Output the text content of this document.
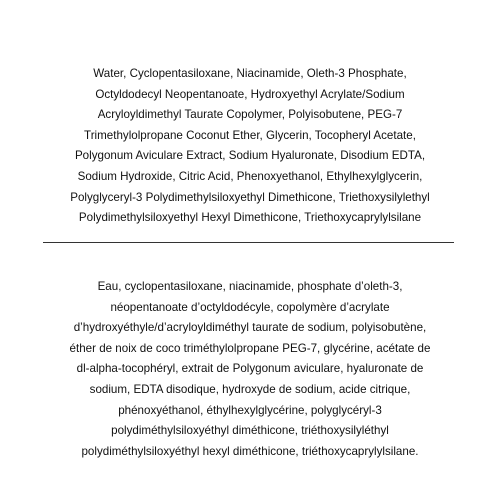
Water, Cyclopentasiloxane, Niacinamide, Oleth-3 Phosphate,
Octyldodecyl Neopentanoate, Hydroxyethyl Acrylate/Sodium
Acryloyldimethyl Taurate Copolymer, Polyisobutene, PEG-7
Trimethylolpropane Coconut Ether, Glycerin, Tocopheryl Acetate,
Polygonum Aviculare Extract, Sodium Hyaluronate, Disodium EDTA,
Sodium Hydroxide, Citric Acid, Phenoxyethanol, Ethylhexylglycerin,
Polyglyceryl-3 Polydimethylsiloxyethyl Dimethicone, Triethoxysilylethyl
Polydimethylsiloxyethyl Hexyl Dimethicone, Triethoxycaprylylsilane
Eau, cyclopentasiloxane, niacinamide, phosphate d’oleth-3,
néopentanoate d’octyldodécyle, copolymère d’acrylate
d’hydroxyéthyle/d’acryloyldiméthyl taurate de sodium, polyisobutène,
éther de noix de coco triméthylolpropane PEG-7, glycérine, acétate de
dl-alpha-tocophéryl, extrait de Polygonum aviculare, hyaluronate de
sodium, EDTA disodique, hydroxyde de sodium, acide citrique,
phénoxyéthanol, éthylhexylglycérine, polyglycéryl-3
polydiméthylsiloxyéthyl diméthicone, triéthoxysilyléthyl
polydiméthylsiloxyéthyl hexyl diméthicone, triéthoxycaprylylsilane.
